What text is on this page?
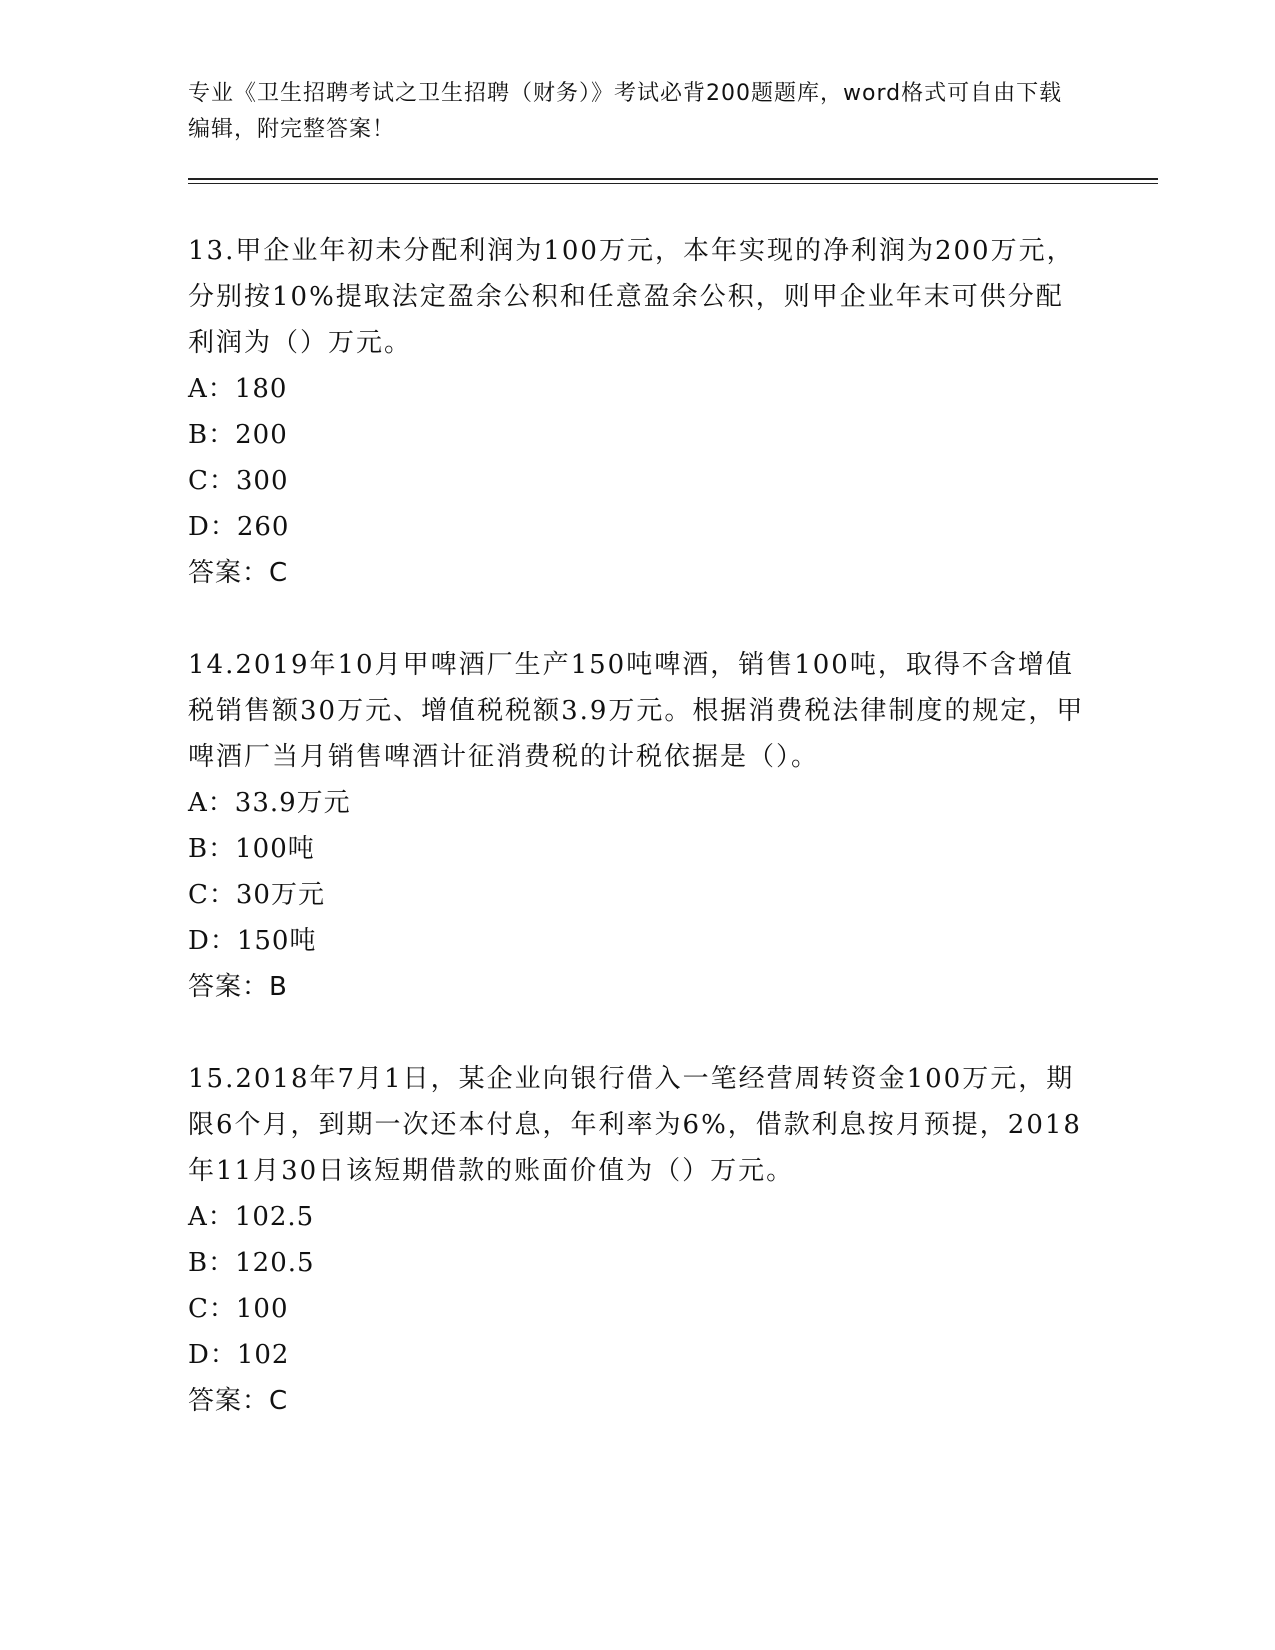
专业《卫生招聘考试之卫生招聘（财务）》考试必背200题题库，word格式可自由下载编辑，附完整答案！

13.甲企业年初未分配利润为100万元，本年实现的净利润为200万元，分别按10%提取法定盈余公积和任意盈余公积，则甲企业年末可供分配利润为（）万元。

A：180

B：200

C：300

D：260

答案：C

14.2019年10月甲啤酒厂生产150吨啤酒，销售100吨，取得不含增值税销售额30万元、增值税税额3.9万元。根据消费税法律制度的规定，甲啤酒厂当月销售啤酒计征消费税的计税依据是（）。

A：33.9万元

B：100吨

C：30万元

D：150吨

答案：B

15.2018年7月1日，某企业向银行借入一笔经营周转资金100万元，期限6个月，到期一次还本付息，年利率为6%，借款利息按月预提，2018年11月30日该短期借款的账面价值为（）万元。

A：102.5

B：120.5

C：100

D：102

答案：C
